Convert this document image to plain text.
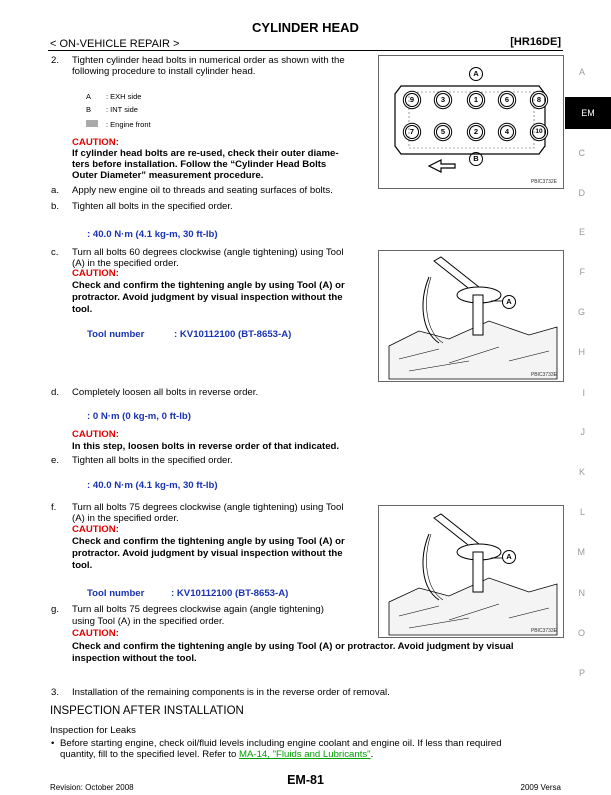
CYLINDER HEAD
< ON-VEHICLE REPAIR >	[HR16DE]
2. Tighten cylinder head bolts in numerical order as shown with the
following procedure to install cylinder head.
A : EXH side
B : INT side
: Engine front
CAUTION:
If cylinder head bolts are re-used, check their outer diame-
ters before installation. Follow the “Cylinder Head Bolts
Outer Diameter” measurement procedure.
a. Apply new engine oil to threads and seating surfaces of bolts.
b. Tighten all bolts in the specified order.
: 40.0 N·m (4.1 kg-m, 30 ft-lb)
c. Turn all bolts 60 degrees clockwise (angle tightening) using Tool
(A) in the specified order.
CAUTION:
Check and confirm the tightening angle by using Tool (A) or
protractor. Avoid judgment by visual inspection without the
tool.
Tool number	: KV10112100 (BT-8653-A)
d. Completely loosen all bolts in reverse order.
: 0 N·m (0 kg-m, 0 ft-lb)
CAUTION:
In this step, loosen bolts in reverse order of that indicated.
e. Tighten all bolts in the specified order.
: 40.0 N·m (4.1 kg-m, 30 ft-lb)
f. Turn all bolts 75 degrees clockwise (angle tightening) using Tool
(A) in the specified order.
CAUTION:
Check and confirm the tightening angle by using Tool (A) or
protractor. Avoid judgment by visual inspection without the
tool.
Tool number	: KV10112100 (BT-8653-A)
g. Turn all bolts 75 degrees clockwise again (angle tightening)
using Tool (A) in the specified order.
CAUTION:
Check and confirm the tightening angle by using Tool (A) or protractor. Avoid judgment by visual
inspection without the tool.
3. Installation of the remaining components is in the reverse order of removal.
INSPECTION AFTER INSTALLATION
Inspection for Leaks
• Before starting engine, check oil/fluid levels including engine coolant and engine oil. If less than required
quantity, fill to the specified level. Refer to MA-14, "Fluids and Lubricants".
Revision: October 2008
EM-81
2009 Versa
A
B
9	3	1	6	8
7	5	2	4	10
PBIC3732E
A
PBIC3733E
A
PBIC3733E
A
EM
C
D
E
F
G
H
I
J
K
L
M
N
O
P
